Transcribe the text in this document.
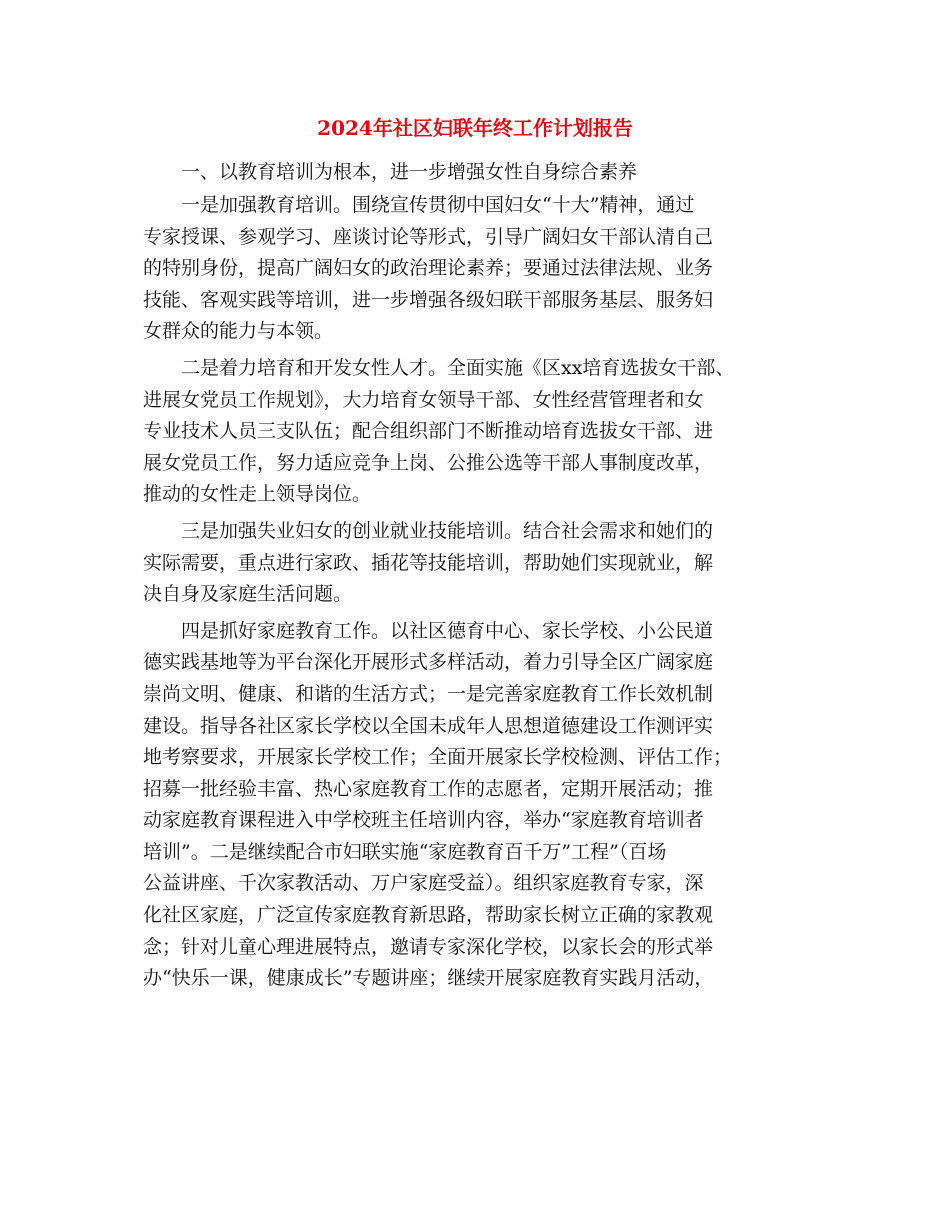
2024年社区妇联年终工作计划报告

一、以教育培训为根本，进一步增强女性自身综合素养

一是加强教育培训。围绕宣传贯彻中国妇女“十大”精神，通过
专家授课、参观学习、座谈讨论等形式，引导广阔妇女干部认清自己
的特别身份，提高广阔妇女的政治理论素养；要通过法律法规、业务
技能、客观实践等培训，进一步增强各级妇联干部服务基层、服务妇
女群众的能力与本领。

二是着力培育和开发女性人才。全面实施《区xx培育选拔女干部、
进展女党员工作规划》，大力培育女领导干部、女性经营管理者和女
专业技术人员三支队伍；配合组织部门不断推动培育选拔女干部、进
展女党员工作，努力适应竞争上岗、公推公选等干部人事制度改革，
推动的女性走上领导岗位。

三是加强失业妇女的创业就业技能培训。结合社会需求和她们的
实际需要，重点进行家政、插花等技能培训，帮助她们实现就业，解
决自身及家庭生活问题。

四是抓好家庭教育工作。以社区德育中心、家长学校、小公民道
德实践基地等为平台深化开展形式多样活动，着力引导全区广阔家庭
崇尚文明、健康、和谐的生活方式；一是完善家庭教育工作长效机制
建设。指导各社区家长学校以全国未成年人思想道德建设工作测评实
地考察要求，开展家长学校工作；全面开展家长学校检测、评估工作；
招募一批经验丰富、热心家庭教育工作的志愿者，定期开展活动；推
动家庭教育课程进入中学校班主任培训内容，举办“家庭教育培训者
培训”。二是继续配合市妇联实施“家庭教育百千万”工程”（百场
公益讲座、千次家教活动、万户家庭受益）。组织家庭教育专家，深
化社区家庭，广泛宣传家庭教育新思路，帮助家长树立正确的家教观
念；针对儿童心理进展特点，邀请专家深化学校，以家长会的形式举
办“快乐一课，健康成长”专题讲座；继续开展家庭教育实践月活动，
